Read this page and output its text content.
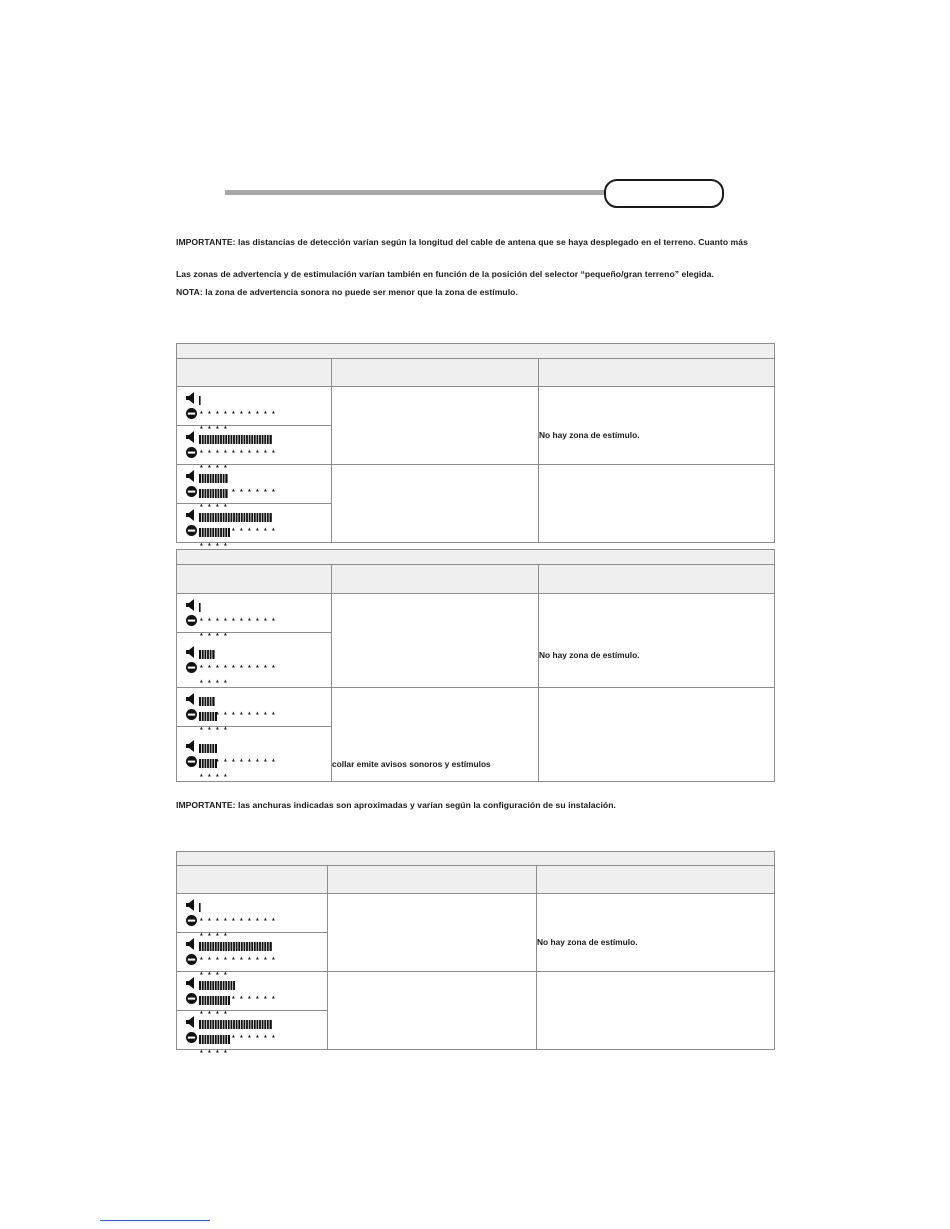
IMPORTANTE: las distancias de detección varían según la longitud del cable de antena que se haya desplegado en el terreno. Cuanto más
Las zonas de advertencia y de estimulación varían también en función de la posición del selector “pequeño/gran terreno” elegida.
NOTA: la zona de advertencia sonora no puede ser menor que la zona de estímulo.

		No hay zona de estímulo.

		No hay zona de estímulo.

	collar emite avisos sonoros y estímulos	

IMPORTANTE: las anchuras indicadas son aproximadas y varían según la configuración de su instalación.

		No hay zona de estímulo.
